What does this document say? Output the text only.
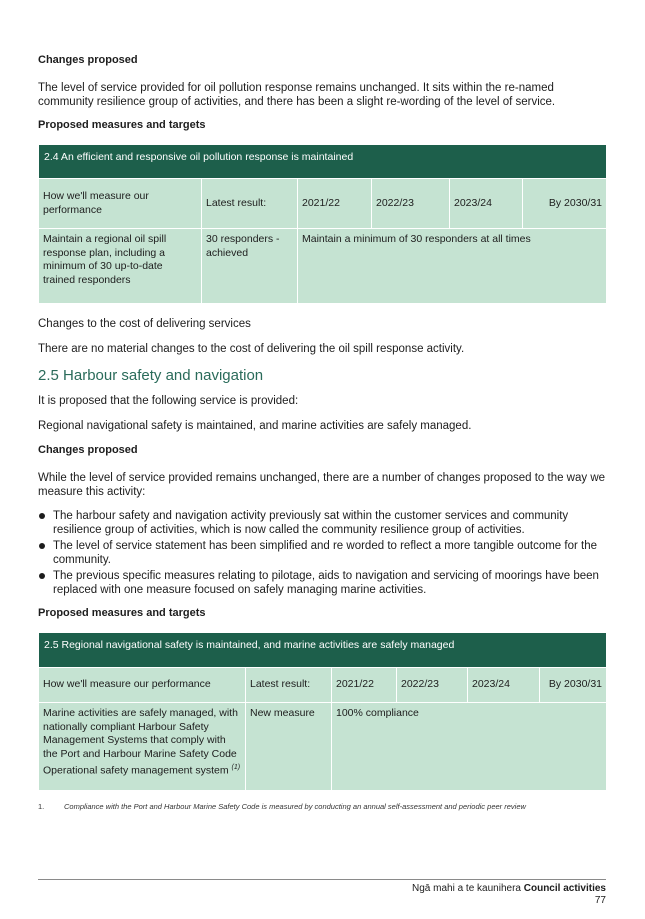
Changes proposed
The level of service provided for oil pollution response remains unchanged. It sits within the re-named community resilience group of activities, and there has been a slight re-wording of the level of service.
Proposed measures and targets
2.4 An efficient and responsive oil pollution response is maintained					
How we'll measure our performance	Latest result:	2021/22	2022/23	2023/24	By 2030/31
Maintain a regional oil spill response plan, including a minimum of 30 up-to-date trained responders	30 responders - achieved	Maintain a minimum of 30 responders at all times			
Changes to the cost of delivering services
There are no material changes to the cost of delivering the oil spill response activity.
2.5 Harbour safety and navigation
It is proposed that the following service is provided:
Regional navigational safety is maintained, and marine activities are safely managed.
Changes proposed
While the level of service provided remains unchanged, there are a number of changes proposed to the way we measure this activity:
The harbour safety and navigation activity previously sat within the customer services and community resilience group of activities, which is now called the community resilience group of activities.
The level of service statement has been simplified and re worded to reflect a more tangible outcome for the community.
The previous specific measures relating to pilotage, aids to navigation and servicing of moorings have been replaced with one measure focused on safely managing marine activities.
Proposed measures and targets
2.5 Regional navigational safety is maintained, and marine activities are safely managed					
How we'll measure our performance	Latest result:	2021/22	2022/23	2023/24	By 2030/31
Marine activities are safely managed, with nationally compliant Harbour Safety Management Systems that comply with the Port and Harbour Marine Safety Code Operational safety management system $^{(1)}$	New measure	100% compliance			
1.	Compliance with the Port and Harbour Marine Safety Code is measured by conducting an annual self-assessment and periodic peer review
Ngā mahi a te kaunihera Council activities
77
